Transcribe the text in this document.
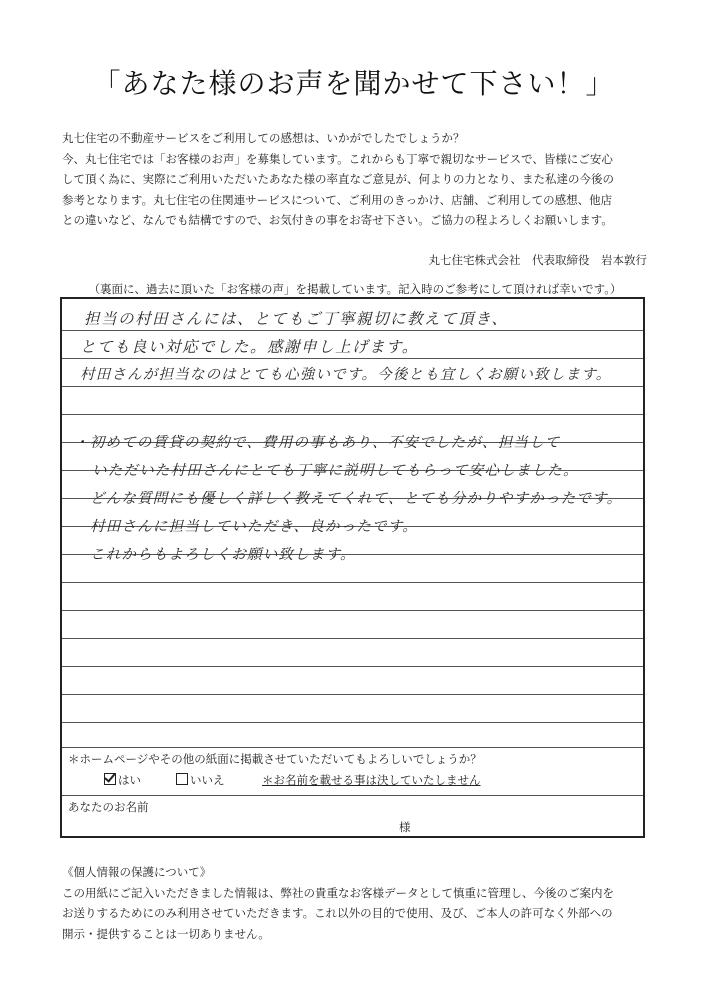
「あなた様のお声を聞かせて下さい！」

丸七住宅の不動産サービスをご利用しての感想は、いかがでしたでしょうか？

今、丸七住宅では「お客様のお声」を募集しています。これからも丁寧で親切なサービスで、皆様にご安心

して頂く為に、実際にご利用いただいたあなた様の率直なご意見が、何よりの力となり、また私達の今後の

参考となります。丸七住宅の住関連サービスについて、ご利用のきっかけ、店舗、ご利用しての感想、他店

との違いなど、なんでも結構ですので、お気付きの事をお寄せ下さい。ご協力の程よろしくお願いします。

丸七住宅株式会社　代表取締役　岩本敦行
（裏面に、過去に頂いた「お客様の声」を掲載しています。記入時のご参考にして頂ければ幸いです。）
担当の村田さんには、とてもご丁寧親切に教えて頂き、
とても良い対応でした。感謝申し上げます。
村田さんが担当なのはとても心強いです。今後とも宜しくお願い致します。
・初めての賃貸の契約で、費用の事もあり、不安でしたが、担当して
いただいた村田さんにとても丁寧に説明してもらって安心しました。
どんな質問にも優しく詳しく教えてくれて、とても分かりやすかったです。
村田さんに担当していただき、良かったです。
これからもよろしくお願い致します。
＊ホームページやその他の紙面に掲載させていただいてもよろしいでしょうか？
はい	いいえ	＊お名前を載せる事は決していたしません
あなたのお名前
様

《個人情報の保護について》

この用紙にご記入いただきました情報は、弊社の貴重なお客様データとして慎重に管理し、今後のご案内を

お送りするためにのみ利用させていただきます。これ以外の目的で使用、及び、ご本人の許可なく外部への

開示・提供することは一切ありません。
